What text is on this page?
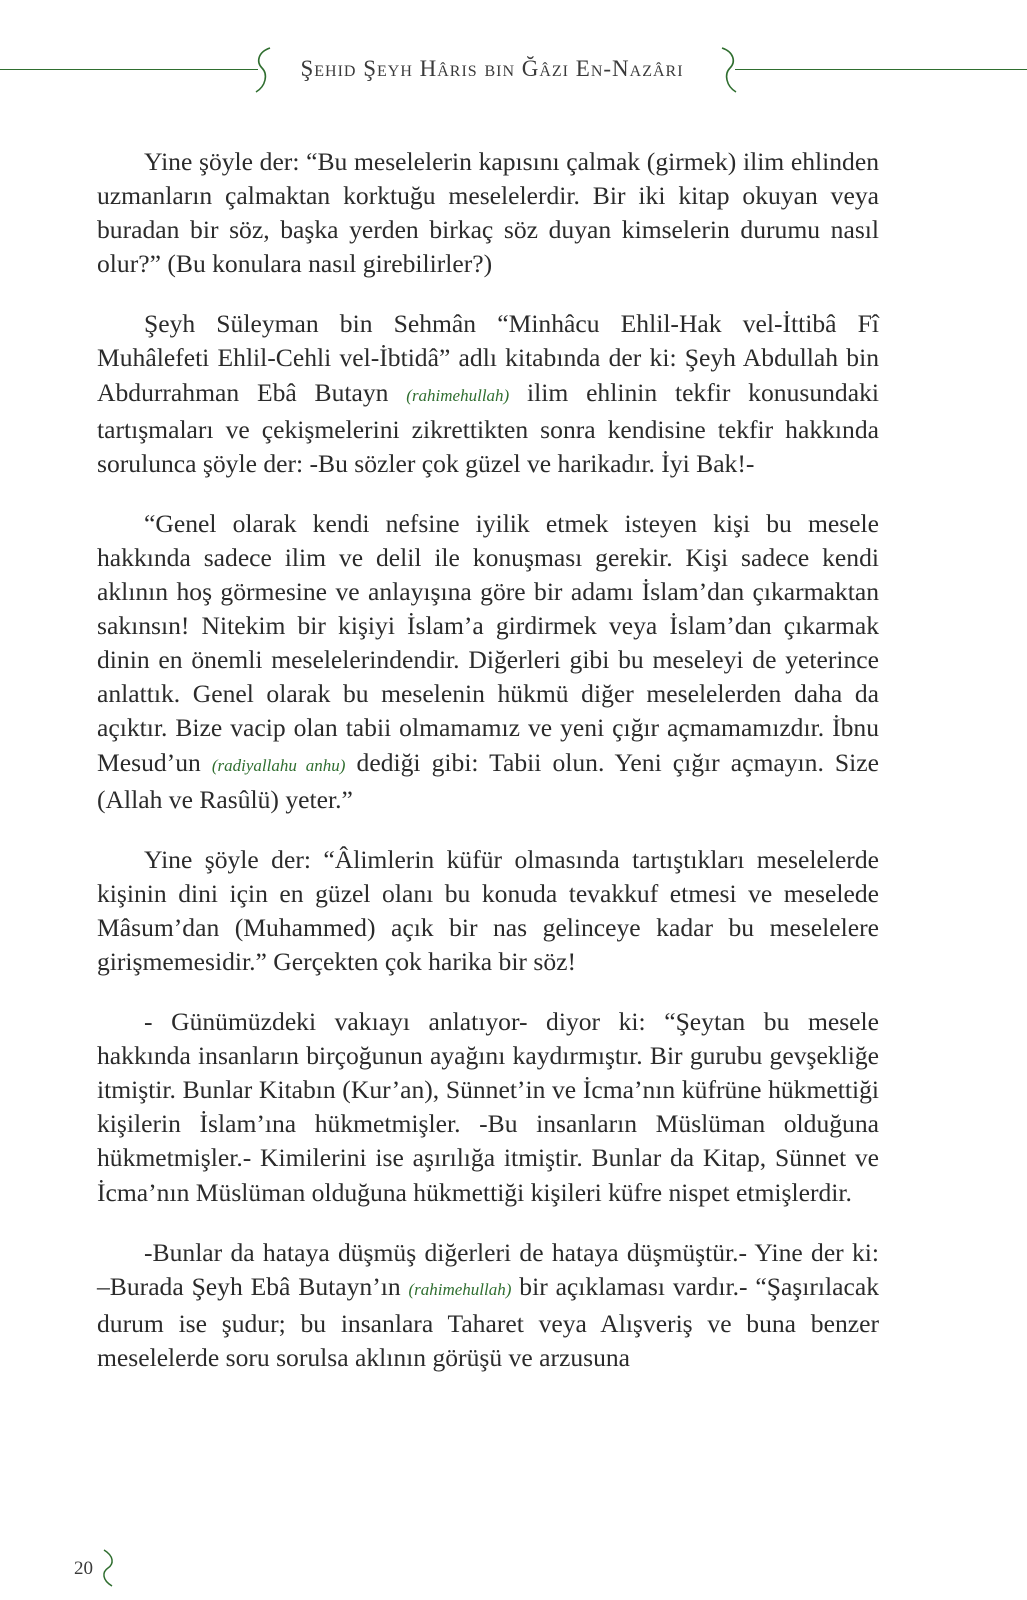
Şehid Şeyh Hâris bin Ğâzi En-Nazâri

Yine şöyle der: “Bu meselelerin kapısını çalmak (girmek) ilim ehlinden uzmanların çalmaktan korktuğu meselelerdir. Bir iki kitap okuyan veya buradan bir söz, başka yerden birkaç söz duyan kimselerin durumu nasıl olur?” (Bu konulara nasıl girebilirler?)

Şeyh Süleyman bin Sehmân “Minhâcu Ehlil-Hak vel-İttibâ Fî Muhâlefeti Ehlil-Cehli vel-İbtidâ” adlı kitabında der ki: Şeyh Abdullah bin Abdurrahman Ebâ Butayn (rahimehullah) ilim ehlinin tekfir konusundaki tartışmaları ve çekişmelerini zikrettikten sonra kendisine tekfir hakkında sorulunca şöyle der: -Bu sözler çok güzel ve harikadır. İyi Bak!-

“Genel olarak kendi nefsine iyilik etmek isteyen kişi bu mesele hakkında sadece ilim ve delil ile konuşması gerekir. Kişi sadece kendi aklının hoş görmesine ve anlayışına göre bir adamı İslam’dan çıkarmaktan sakınsın! Nitekim bir kişiyi İslam’a girdirmek veya İslam’dan çıkarmak dinin en önemli meselelerindendir. Diğerleri gibi bu meseleyi de yeterince anlattık. Genel olarak bu meselenin hükmü diğer meselelerden daha da açıktır. Bize vacip olan tabii olmamamız ve yeni çığır açmamamızdır. İbnu Mesud’un (radiyallahu anhu) dediği gibi: Tabii olun. Yeni çığır açmayın. Size (Allah ve Rasûlü) yeter.”

Yine şöyle der: “Âlimlerin küfür olmasında tartıştıkları meselelerde kişinin dini için en güzel olanı bu konuda tevakkuf etmesi ve meselede Mâsum’dan (Muhammed) açık bir nas gelinceye kadar bu meselelere girişmemesidir.” Gerçekten çok harika bir söz!

- Günümüzdeki vakıayı anlatıyor- diyor ki: “Şeytan bu mesele hakkında insanların birçoğunun ayağını kaydırmıştır. Bir gurubu gevşekliğe itmiştir. Bunlar Kitabın (Kur’an), Sünnet’in ve İcma’nın küfrüne hükmettiği kişilerin İslam’ına hükmetmişler. -Bu insanların Müslüman olduğuna hükmetmişler.- Kimilerini ise aşırılığa itmiştir. Bunlar da Kitap, Sünnet ve İcma’nın Müslüman olduğuna hükmettiği kişileri küfre nispet etmişlerdir.

-Bunlar da hataya düşmüş diğerleri de hataya düşmüştür.- Yine der ki: –Burada Şeyh Ebâ Butayn’ın (rahimehullah) bir açıklaması vardır.- “Şaşırılacak durum ise şudur; bu insanlara Taharet veya Alışveriş ve buna benzer meselelerde soru sorulsa aklının görüşü ve arzusuna

20
